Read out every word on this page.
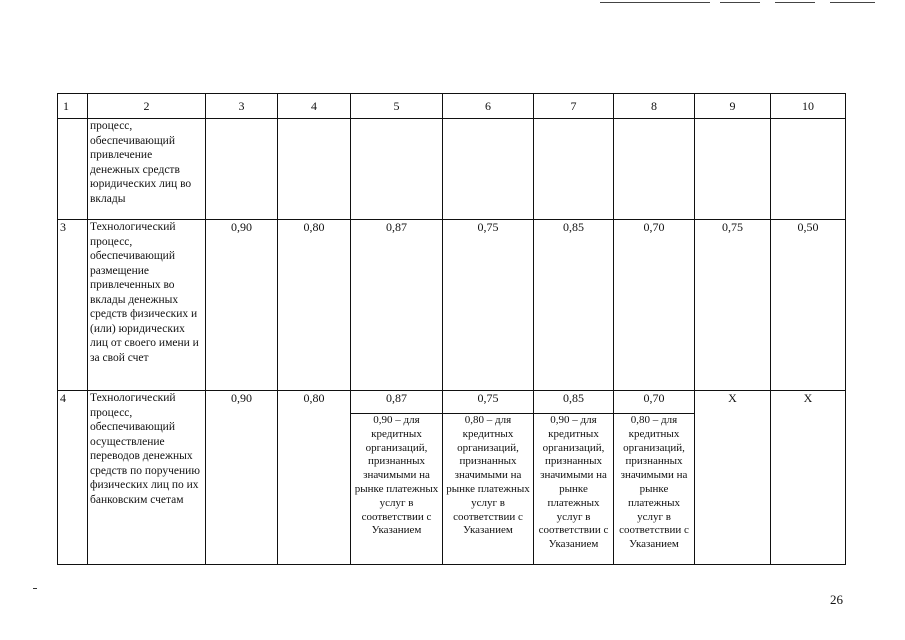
1	2	3	4	5	6	7	8	9	10
	процесс, обеспечивающий привлечение денежных средств юридических лиц во вклады								
3	Технологический процесс, обеспечивающий размещение привлеченных во вклады денежных средств физических и (или) юридических лиц от своего имени и за свой счет	0,90	0,80	0,87	0,75	0,85	0,70	0,75	0,50
4	Технологический процесс, обеспечивающий осуществление переводов денежных средств по поручению физических лиц по их банковским счетам	0,90	0,80	0,87	0,75	0,85	0,70	X	X
				0,90 – для кредитных организаций, признанных значимыми на рынке платежных услуг в соответствии с Указанием	0,80 – для кредитных организаций, признанных значимыми на рынке платежных услуг в соответствии с Указанием	0,90 – для кредитных организаций, признанных значимыми на рынке платежных услуг в соответствии с Указанием	0,80 – для кредитных организаций, признанных значимыми на рынке платежных услуг в соответствии с Указанием		
26
